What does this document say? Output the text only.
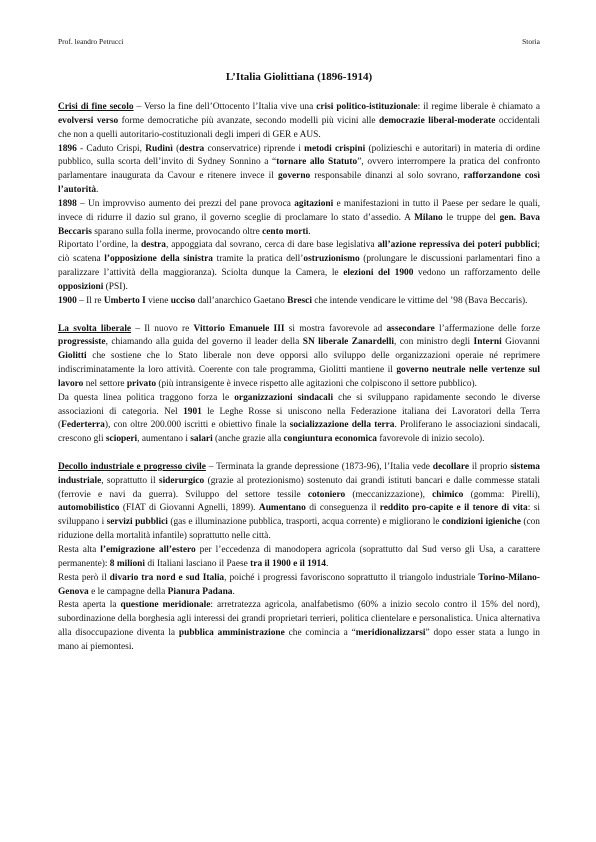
Prof. leandro Petrucci	Storia
L’Italia Giolittiana (1896-1914)

Crisi di fine secolo – Verso la fine dell’Ottocento l’Italia vive una crisi politico-istituzionale: il regime liberale è chiamato a evolversi verso forme democratiche più avanzate, secondo modelli più vicini alle democrazie liberal-moderate occidentali che non a quelli autoritario-costituzionali degli imperi di GER e AUS.

1896 - Caduto Crispi, Rudinì (destra conservatrice) riprende i metodi crispini (polizieschi e autoritari) in materia di ordine pubblico, sulla scorta dell’invito di Sydney Sonnino a “tornare allo Statuto”, ovvero interrompere la pratica del confronto parlamentare inaugurata da Cavour e ritenere invece il governo responsabile dinanzi al solo sovrano, rafforzandone così l’autorità.

1898 – Un improvviso aumento dei prezzi del pane provoca agitazioni e manifestazioni in tutto il Paese per sedare le quali, invece di ridurre il dazio sul grano, il governo sceglie di proclamare lo stato d’assedio. A Milano le truppe del gen. Bava Beccaris sparano sulla folla inerme, provocando oltre cento morti.

Riportato l’ordine, la destra, appoggiata dal sovrano, cerca di dare base legislativa all’azione repressiva dei poteri pubblici; ciò scatena l’opposizione della sinistra tramite la pratica dell’ostruzionismo (prolungare le discussioni parlamentari fino a paralizzare l’attività della maggioranza). Sciolta dunque la Camera, le elezioni del 1900 vedono un rafforzamento delle opposizioni (PSI).

1900 – Il re Umberto I viene ucciso dall’anarchico Gaetano Bresci che intende vendicare le vittime del ’98 (Bava Beccaris).

La svolta liberale – Il nuovo re Vittorio Emanuele III si mostra favorevole ad assecondare l’affermazione delle forze progressiste, chiamando alla guida del governo il leader della SN liberale Zanardelli, con ministro degli Interni Giovanni Giolitti che sostiene che lo Stato liberale non deve opporsi allo sviluppo delle organizzazioni operaie né reprimere indiscriminatamente la loro attività. Coerente con tale programma, Giolitti mantiene il governo neutrale nelle vertenze sul lavoro nel settore privato (più intransigente è invece rispetto alle agitazioni che colpiscono il settore pubblico).

Da questa linea politica traggono forza le organizzazioni sindacali che si sviluppano rapidamente secondo le diverse associazioni di categoria. Nel 1901 le Leghe Rosse si uniscono nella Federazione italiana dei Lavoratori della Terra (Federterra), con oltre 200.000 iscritti e obiettivo finale la socializzazione della terra. Proliferano le associazioni sindacali, crescono gli scioperi, aumentano i salari (anche grazie alla congiuntura economica favorevole di inizio secolo).

Decollo industriale e progresso civile – Terminata la grande depressione (1873-96), l’Italia vede decollare il proprio sistema industriale, soprattutto il siderurgico (grazie al protezionismo) sostenuto dai grandi istituti bancari e dalle commesse statali (ferrovie e navi da guerra). Sviluppo del settore tessile cotoniero (meccanizzazione), chimico (gomma: Pirelli), automobilistico (FIAT di Giovanni Agnelli, 1899). Aumentano di conseguenza il reddito pro-capite e il tenore di vita: si sviluppano i servizi pubblici (gas e illuminazione pubblica, trasporti, acqua corrente) e migliorano le condizioni igieniche (con riduzione della mortalità infantile) soprattutto nelle città.

Resta alta l’emigrazione all’estero per l’eccedenza di manodopera agricola (soprattutto dal Sud verso gli Usa, a carattere permanente): 8 milioni di Italiani lasciano il Paese tra il 1900 e il 1914.

Resta però il divario tra nord e sud Italia, poiché i progressi favoriscono soprattutto il triangolo industriale Torino-Milano-Genova e le campagne della Pianura Padana.

Resta aperta la questione meridionale: arretratezza agricola, analfabetismo (60% a inizio secolo contro il 15% del nord), subordinazione della borghesia agli interessi dei grandi proprietari terrieri, politica clientelare e personalistica. Unica alternativa alla disoccupazione diventa la pubblica amministrazione che comincia a “meridionalizzarsi” dopo esser stata a lungo in mano ai piemontesi.
